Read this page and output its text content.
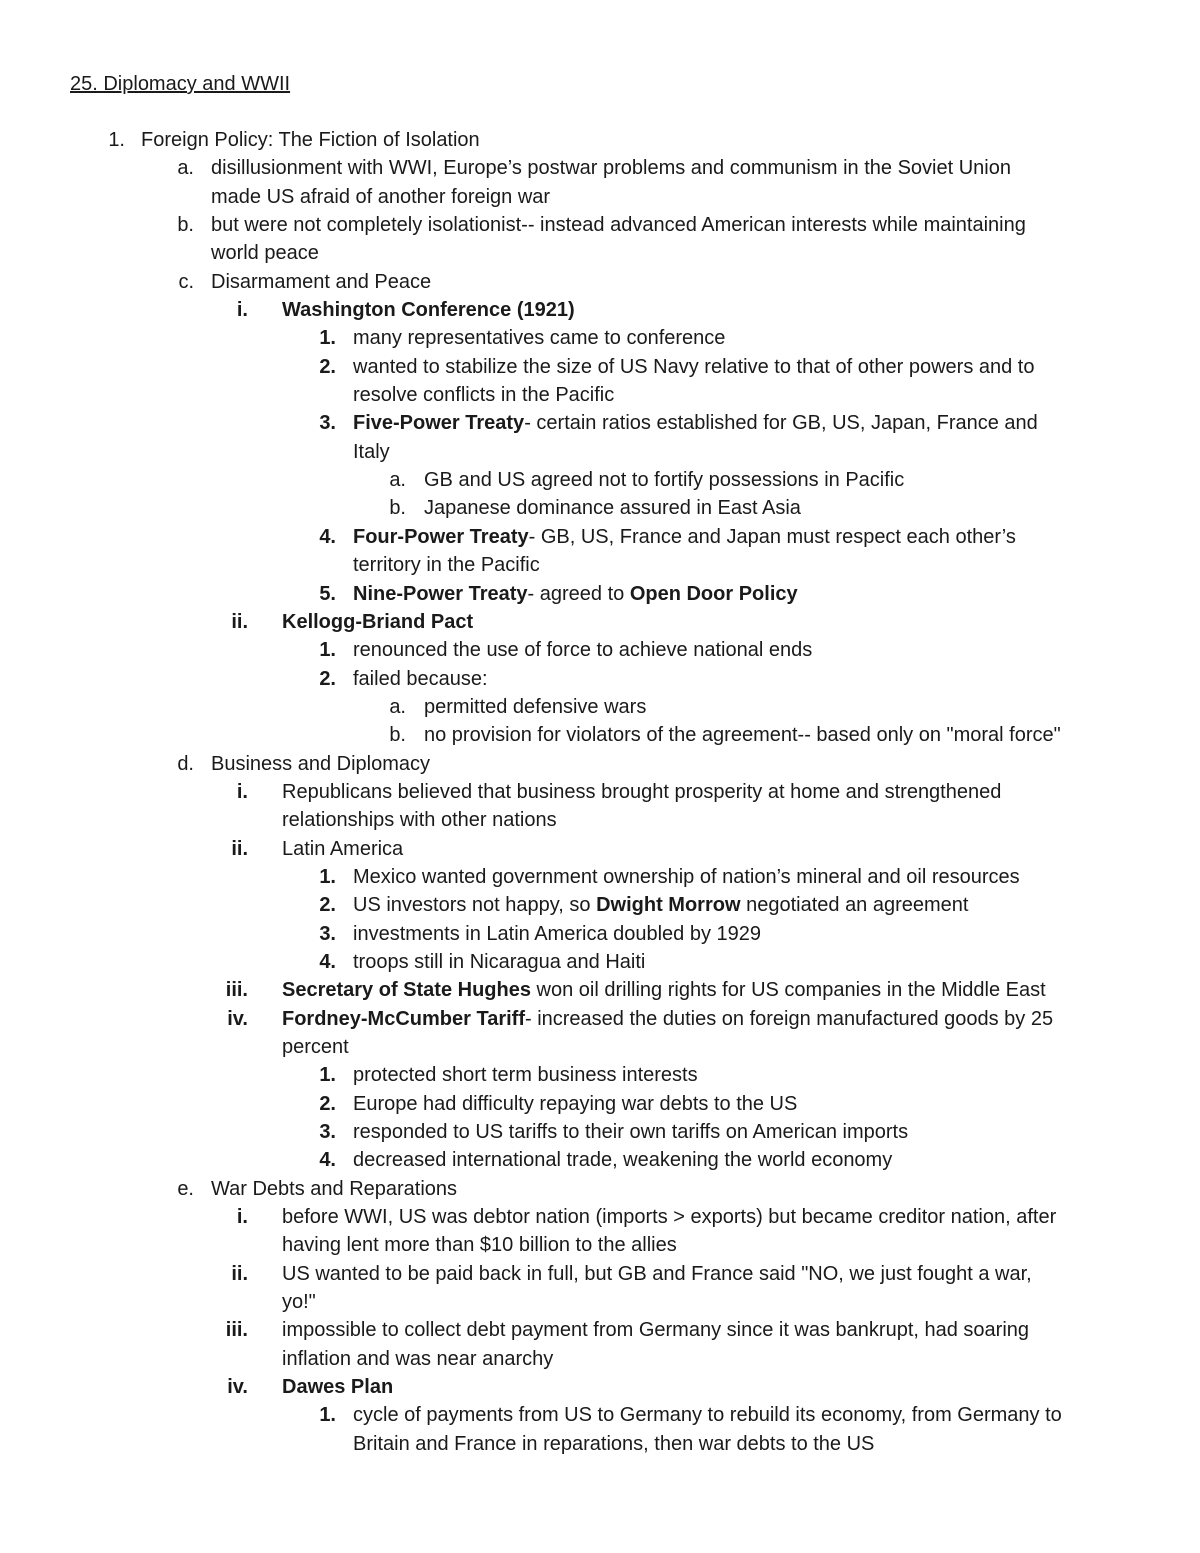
25. Diplomacy and WWII
1. Foreign Policy: The Fiction of Isolation
a. disillusionment with WWI, Europe’s postwar problems and communism in the Soviet Union
made US afraid of another foreign war
b. but were not completely isolationist-- instead advanced American interests while maintaining
world peace
c. Disarmament and Peace
i. Washington Conference (1921)
1. many representatives came to conference
2. wanted to stabilize the size of US Navy relative to that of other powers and to
resolve conflicts in the Pacific
3. Five-Power Treaty- certain ratios established for GB, US, Japan, France and
Italy
a. GB and US agreed not to fortify possessions in Pacific
b. Japanese dominance assured in East Asia
4. Four-Power Treaty- GB, US, France and Japan must respect each other’s
territory in the Pacific
5. Nine-Power Treaty- agreed to Open Door Policy
ii. Kellogg-Briand Pact
1. renounced the use of force to achieve national ends
2. failed because:
a. permitted defensive wars
b. no provision for violators of the agreement-- based only on "moral force"
d. Business and Diplomacy
i. Republicans believed that business brought prosperity at home and strengthened
relationships with other nations
ii. Latin America
1. Mexico wanted government ownership of nation’s mineral and oil resources
2. US investors not happy, so Dwight Morrow negotiated an agreement
3. investments in Latin America doubled by 1929
4. troops still in Nicaragua and Haiti
iii. Secretary of State Hughes won oil drilling rights for US companies in the Middle East
iv. Fordney-McCumber Tariff- increased the duties on foreign manufactured goods by 25
percent
1. protected short term business interests
2. Europe had difficulty repaying war debts to the US
3. responded to US tariffs to their own tariffs on American imports
4. decreased international trade, weakening the world economy
e. War Debts and Reparations
i. before WWI, US was debtor nation (imports > exports) but became creditor nation, after
having lent more than $10 billion to the allies
ii. US wanted to be paid back in full, but GB and France said "NO, we just fought a war,
yo!"
iii. impossible to collect debt payment from Germany since it was bankrupt, had soaring
inflation and was near anarchy
iv. Dawes Plan
1. cycle of payments from US to Germany to rebuild its economy, from Germany to
Britain and France in reparations, then war debts to the US
